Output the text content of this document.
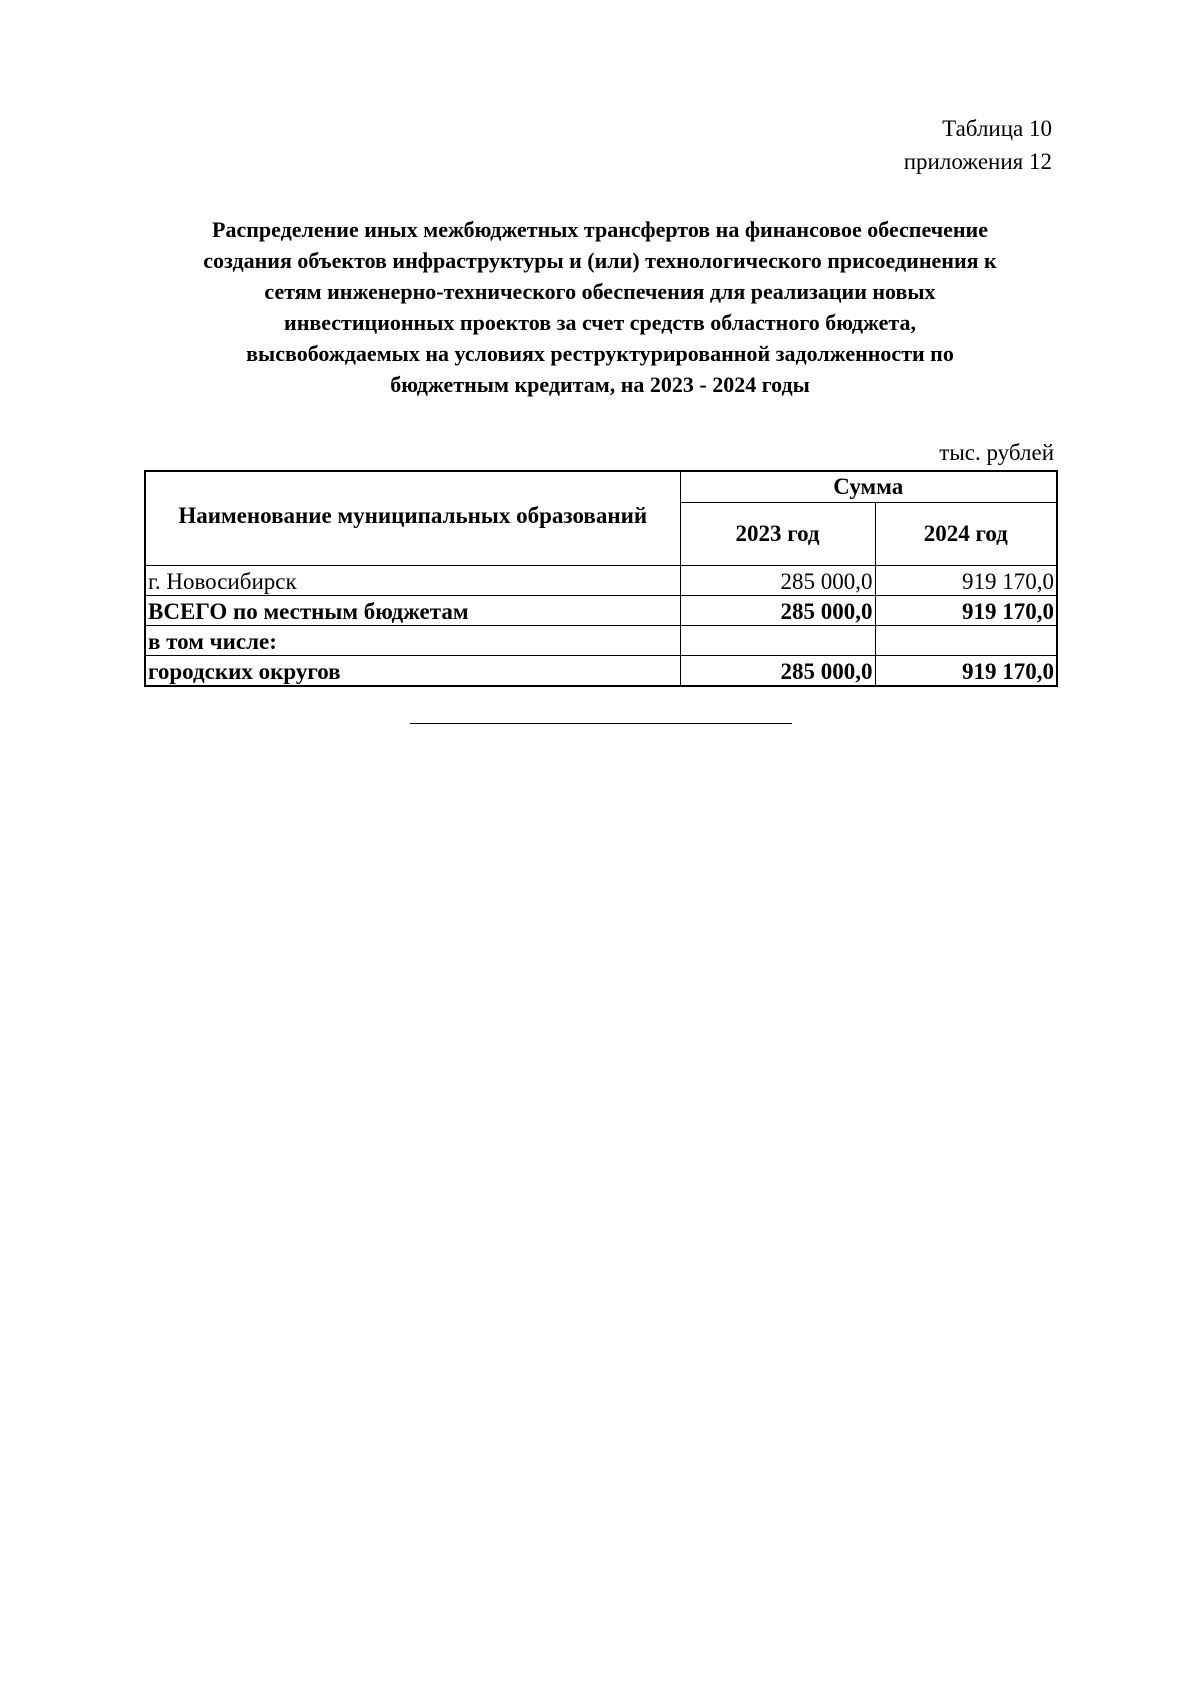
Таблица 10
приложения 12
Распределение иных межбюджетных трансфертов на финансовое обеспечение
создания объектов инфраструктуры и (или) технологического присоединения к
сетям инженерно-технического обеспечения для реализации новых
инвестиционных проектов за счет средств областного бюджета,
высвобождаемых на условиях реструктурированной задолженности по
бюджетным кредитам, на 2023 - 2024 годы
тыс. рублей
Наименование муниципальных образований	Сумма	
	2023 год	2024 год
г. Новосибирск	285 000,0	919 170,0
ВСЕГО по местным бюджетам	285 000,0	919 170,0
в том числе:		
городских округов	285 000,0	919 170,0
